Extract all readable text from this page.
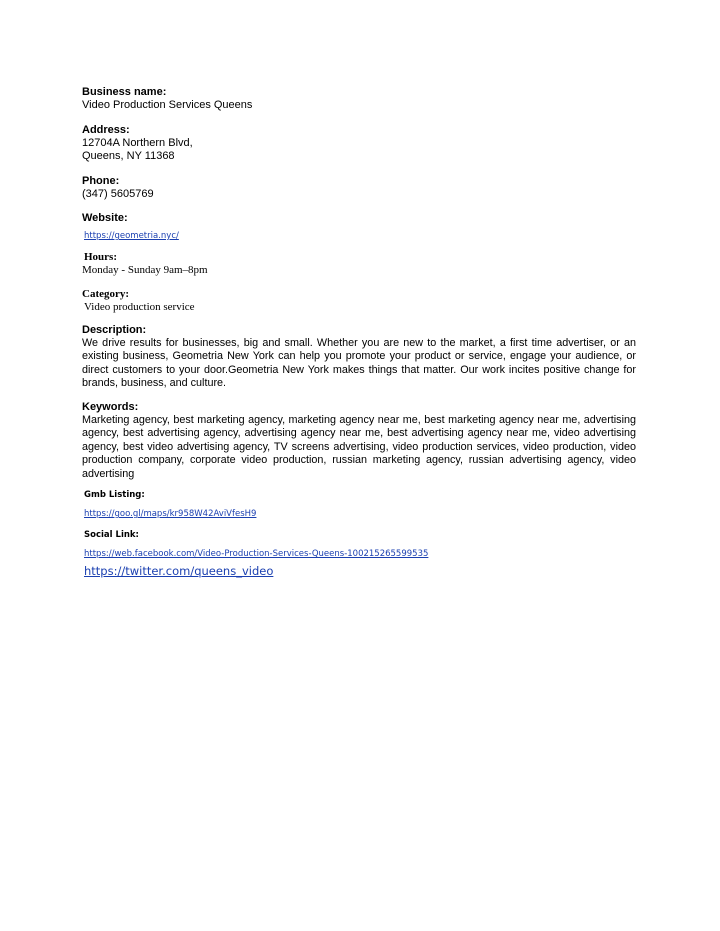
Business name:
Video Production Services Queens
Address:
12704A Northern Blvd,
Queens, NY 11368
Phone:
(347) 5605769
Website:
https://geometria.nyc/
Hours:
Monday - Sunday 9am–8pm
Category:
Video production service
Description:
We drive results for businesses, big and small. Whether you are new to the market, a first time advertiser, or an existing business, Geometria New York can help you promote your product or service, engage your audience, or direct customers to your door.Geometria New York makes things that matter. Our work incites positive change for brands, business, and culture.
Keywords:
Marketing agency, best marketing agency, marketing agency near me, best marketing agency near me, advertising agency, best advertising agency, advertising agency near me, best advertising agency near me, video advertising agency, best video advertising agency, TV screens advertising, video production services, video production, video production company, corporate video production, russian marketing agency, russian advertising agency, video advertising
Gmb Listing:
https://goo.gl/maps/kr958W42AviVfesH9
Social Link:
https://web.facebook.com/Video-Production-Services-Queens-100215265599535
https://twitter.com/queens_video
